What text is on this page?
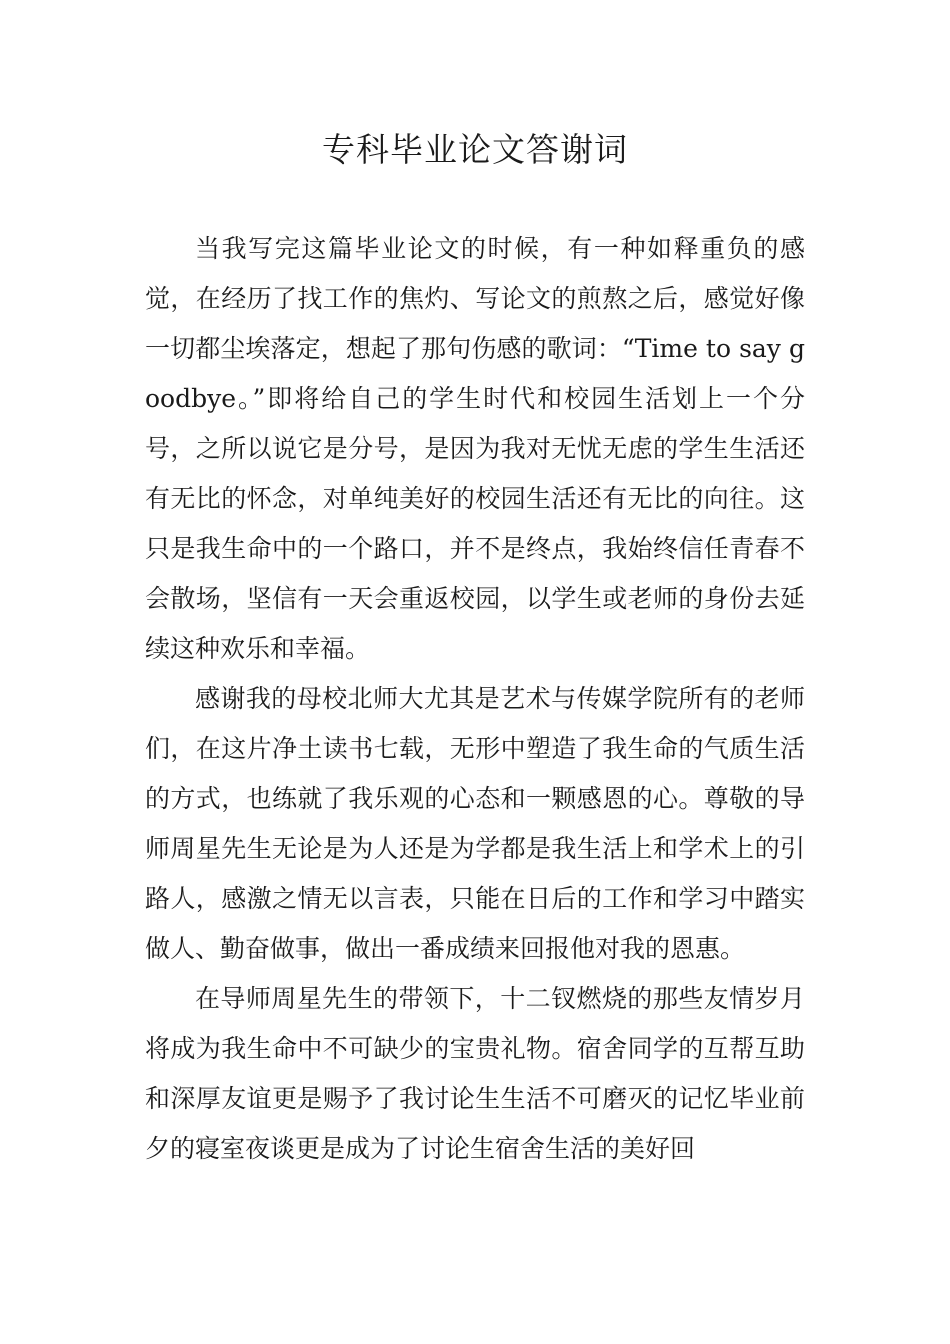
专科毕业论文答谢词

当我写完这篇毕业论文的时候，有一种如释重负的感觉，在经历了找工作的焦灼、写论文的煎熬之后，感觉好像一切都尘埃落定，想起了那句伤感的歌词：“Time to say goodbye。”即将给自己的学生时代和校园生活划上一个分号，之所以说它是分号，是因为我对无忧无虑的学生生活还有无比的怀念，对单纯美好的校园生活还有无比的向往。这只是我生命中的一个路口，并不是终点，我始终信任青春不会散场，坚信有一天会重返校园，以学生或老师的身份去延续这种欢乐和幸福。

感谢我的母校北师大尤其是艺术与传媒学院所有的老师们，在这片净土读书七载，无形中塑造了我生命的气质生活的方式，也练就了我乐观的心态和一颗感恩的心。尊敬的导师周星先生无论是为人还是为学都是我生活上和学术上的引路人，感激之情无以言表，只能在日后的工作和学习中踏实做人、勤奋做事，做出一番成绩来回报他对我的恩惠。

在导师周星先生的带领下，十二钗燃烧的那些友情岁月将成为我生命中不可缺少的宝贵礼物。宿舍同学的互帮互助和深厚友谊更是赐予了我讨论生生活不可磨灭的记忆毕业前夕的寝室夜谈更是成为了讨论生宿舍生活的美好回
